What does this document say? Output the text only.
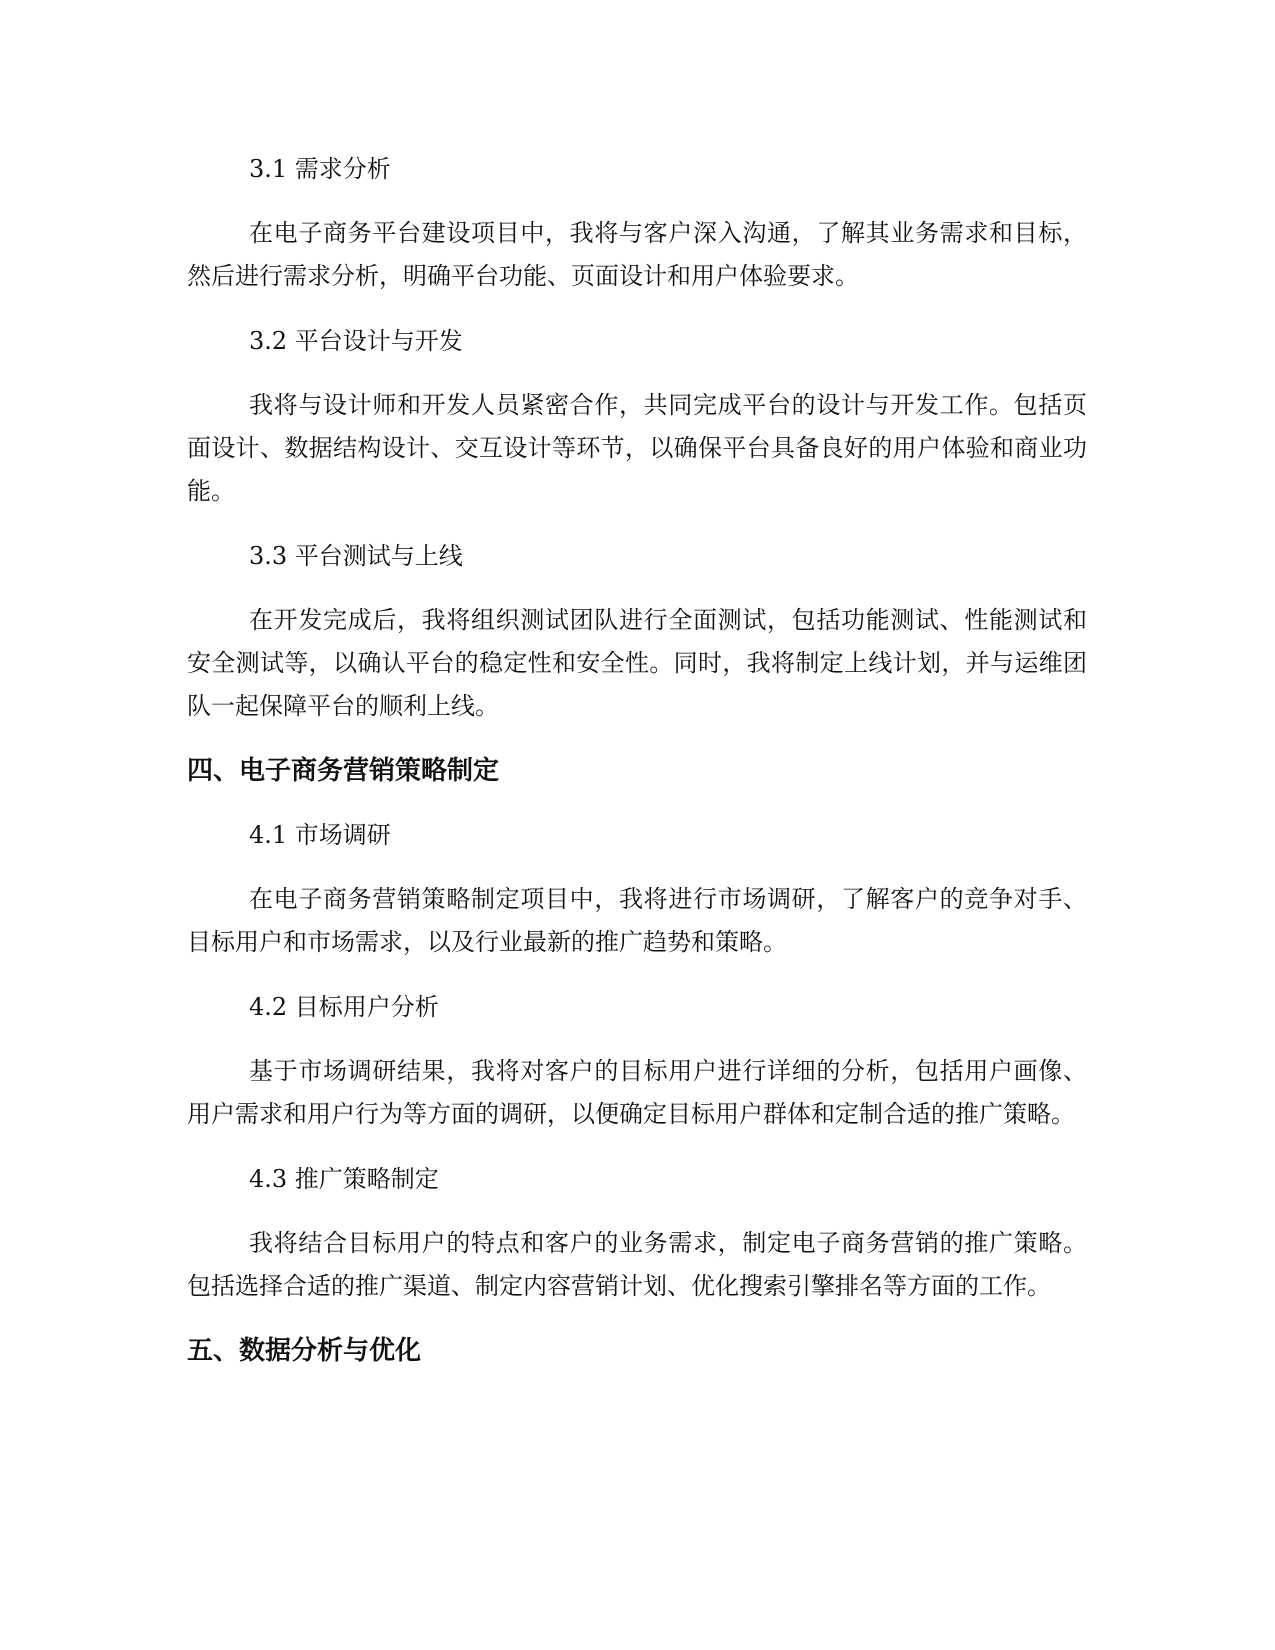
3.1 需求分析

在电子商务平台建设项目中，我将与客户深入沟通，了解其业务需求和目标，然后进行需求分析，明确平台功能、页面设计和用户体验要求。

3.2 平台设计与开发

我将与设计师和开发人员紧密合作，共同完成平台的设计与开发工作。包括页面设计、数据结构设计、交互设计等环节，以确保平台具备良好的用户体验和商业功能。

3.3 平台测试与上线

在开发完成后，我将组织测试团队进行全面测试，包括功能测试、性能测试和安全测试等，以确认平台的稳定性和安全性。同时，我将制定上线计划，并与运维团队一起保障平台的顺利上线。

四、电子商务营销策略制定
4.1 市场调研

在电子商务营销策略制定项目中，我将进行市场调研，了解客户的竞争对手、目标用户和市场需求，以及行业最新的推广趋势和策略。

4.2 目标用户分析

基于市场调研结果，我将对客户的目标用户进行详细的分析，包括用户画像、用户需求和用户行为等方面的调研，以便确定目标用户群体和定制合适的推广策略。

4.3 推广策略制定

我将结合目标用户的特点和客户的业务需求，制定电子商务营销的推广策略。包括选择合适的推广渠道、制定内容营销计划、优化搜索引擎排名等方面的工作。

五、数据分析与优化
